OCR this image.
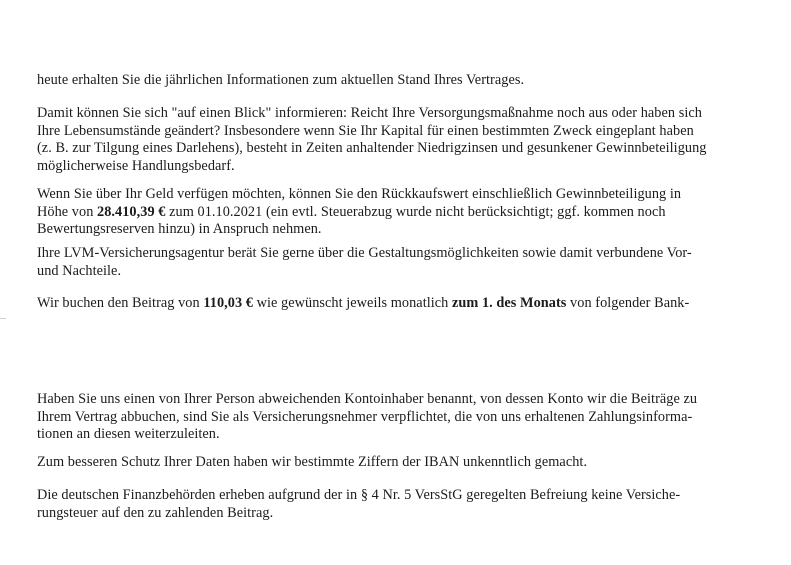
heute erhalten Sie die jährlichen Informationen zum aktuellen Stand Ihres Vertrages.
Damit können Sie sich "auf einen Blick" informieren: Reicht Ihre Versorgungsmaßnahme noch aus oder haben sich
Ihre Lebensumstände geändert? Insbesondere wenn Sie Ihr Kapital für einen bestimmten Zweck eingeplant haben
(z. B. zur Tilgung eines Darlehens), besteht in Zeiten anhaltender Niedrigzinsen und gesunkener Gewinnbeteiligung
möglicherweise Handlungsbedarf.
Wenn Sie über Ihr Geld verfügen möchten, können Sie den Rückkaufswert einschließlich Gewinnbeteiligung in
Höhe von 28.410,39 € zum 01.10.2021 (ein evtl. Steuerabzug wurde nicht berücksichtigt; ggf. kommen noch
Bewertungsreserven hinzu) in Anspruch nehmen.
Ihre LVM-Versicherungsagentur berät Sie gerne über die Gestaltungsmöglichkeiten sowie damit verbundene Vor-
und Nachteile.
Wir buchen den Beitrag von 110,03 € wie gewünscht jeweils monatlich zum 1. des Monats von folgender Bank-
Haben Sie uns einen von Ihrer Person abweichenden Kontoinhaber benannt, von dessen Konto wir die Beiträge zu
Ihrem Vertrag abbuchen, sind Sie als Versicherungsnehmer verpflichtet, die von uns erhaltenen Zahlungsinforma-
tionen an diesen weiterzuleiten.
Zum besseren Schutz Ihrer Daten haben wir bestimmte Ziffern der IBAN unkenntlich gemacht.
Die deutschen Finanzbehörden erheben aufgrund der in § 4 Nr. 5 VersStG geregelten Befreiung keine Versiche-
rungsteuer auf den zu zahlenden Beitrag.
